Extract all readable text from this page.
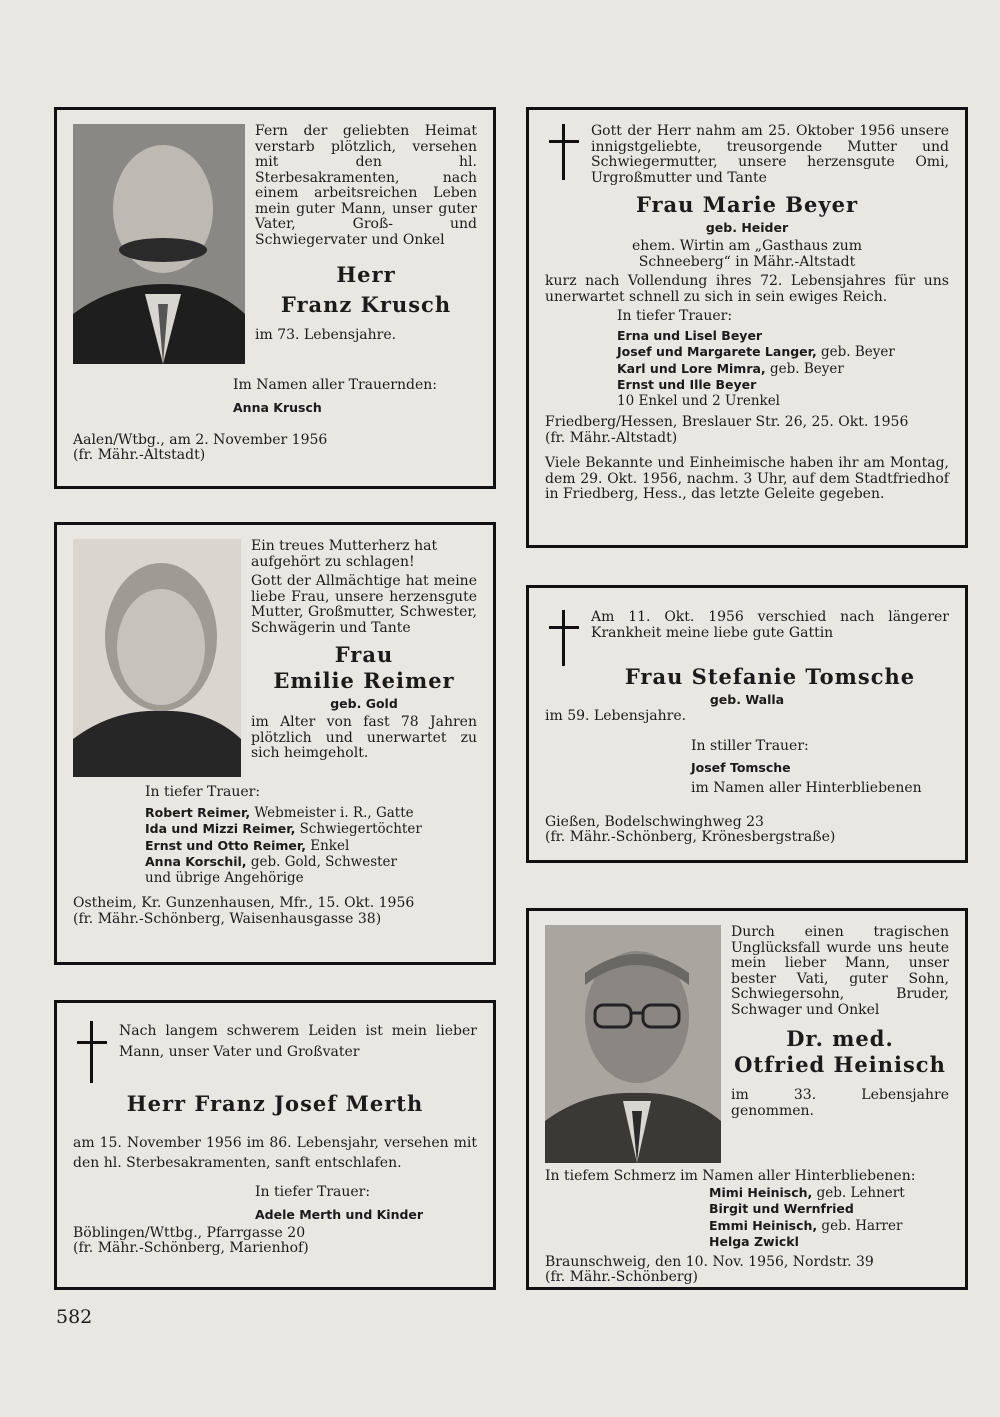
Fern der geliebten Heimat verstarb plötzlich, versehen mit den hl. Sterbesakramenten, nach einem arbeitsreichen Leben mein guter Mann, unser guter Vater, Groß- und Schwiegervater und Onkel

Herr

Franz Krusch

im 73. Lebensjahre.

Im Namen aller Trauernden:

Anna Krusch

Aalen/Wtbg., am 2. November 1956

(fr. Mähr.-Altstadt)

Gott der Herr nahm am 25. Oktober 1956 unsere innigstgeliebte, treusorgende Mutter und Schwiegermutter, unsere herzensgute Omi, Urgroßmutter und Tante

Frau Marie Beyer

geb. Heider

ehem. Wirtin am „Gasthaus zum Schneeberg“ in Mähr.-Altstadt

kurz nach Vollendung ihres 72. Lebensjahres für uns unerwartet schnell zu sich in sein ewiges Reich.

In tiefer Trauer:

Erna und Lisel Beyer

Josef und Margarete Langer, geb. Beyer

Karl und Lore Mimra, geb. Beyer

Ernst und Ille Beyer

10 Enkel und 2 Urenkel

Friedberg/Hessen, Breslauer Str. 26, 25. Okt. 1956

(fr. Mähr.-Altstadt)

Viele Bekannte und Einheimische haben ihr am Montag, dem 29. Okt. 1956, nachm. 3 Uhr, auf dem Stadtfriedhof in Friedberg, Hess., das letzte Geleite gegeben.

Ein treues Mutterherz hat aufgehört zu schlagen!

Gott der Allmächtige hat meine liebe Frau, unsere herzensgute Mutter, Großmutter, Schwester, Schwägerin und Tante

Frau

Emilie Reimer

geb. Gold

im Alter von fast 78 Jahren plötzlich und unerwartet zu sich heimgeholt.

In tiefer Trauer:

Robert Reimer, Webmeister i. R., Gatte

Ida und Mizzi Reimer, Schwiegertöchter

Ernst und Otto Reimer, Enkel

Anna Korschil, geb. Gold, Schwester

und übrige Angehörige

Ostheim, Kr. Gunzenhausen, Mfr., 15. Okt. 1956

(fr. Mähr.-Schönberg, Waisenhausgasse 38)

Am 11. Okt. 1956 verschied nach längerer Krankheit meine liebe gute Gattin

Frau Stefanie Tomsche

geb. Walla

im 59. Lebensjahre.

In stiller Trauer:

Josef Tomsche

im Namen aller Hinterbliebenen

Gießen, Bodelschwinghweg 23

(fr. Mähr.-Schönberg, Krönesbergstraße)

Nach langem schwerem Leiden ist mein lieber Mann, unser Vater und Großvater

Herr Franz Josef Merth

am 15. November 1956 im 86. Lebensjahr, versehen mit den hl. Sterbesakramenten, sanft entschlafen.

In tiefer Trauer:

Adele Merth und Kinder

Böblingen/Wttbg., Pfarrgasse 20

(fr. Mähr.-Schönberg, Marienhof)

Durch einen tragischen Unglücksfall wurde uns heute mein lieber Mann, unser bester Vati, guter Sohn, Schwiegersohn, Bruder, Schwager und Onkel

Dr. med.

Otfried Heinisch

im 33. Lebensjahre genommen.

In tiefem Schmerz im Namen aller Hinterbliebenen:

Mimi Heinisch, geb. Lehnert

Birgit und Wernfried

Emmi Heinisch, geb. Harrer

Helga Zwickl

Braunschweig, den 10. Nov. 1956, Nordstr. 39

(fr. Mähr.-Schönberg)

582
